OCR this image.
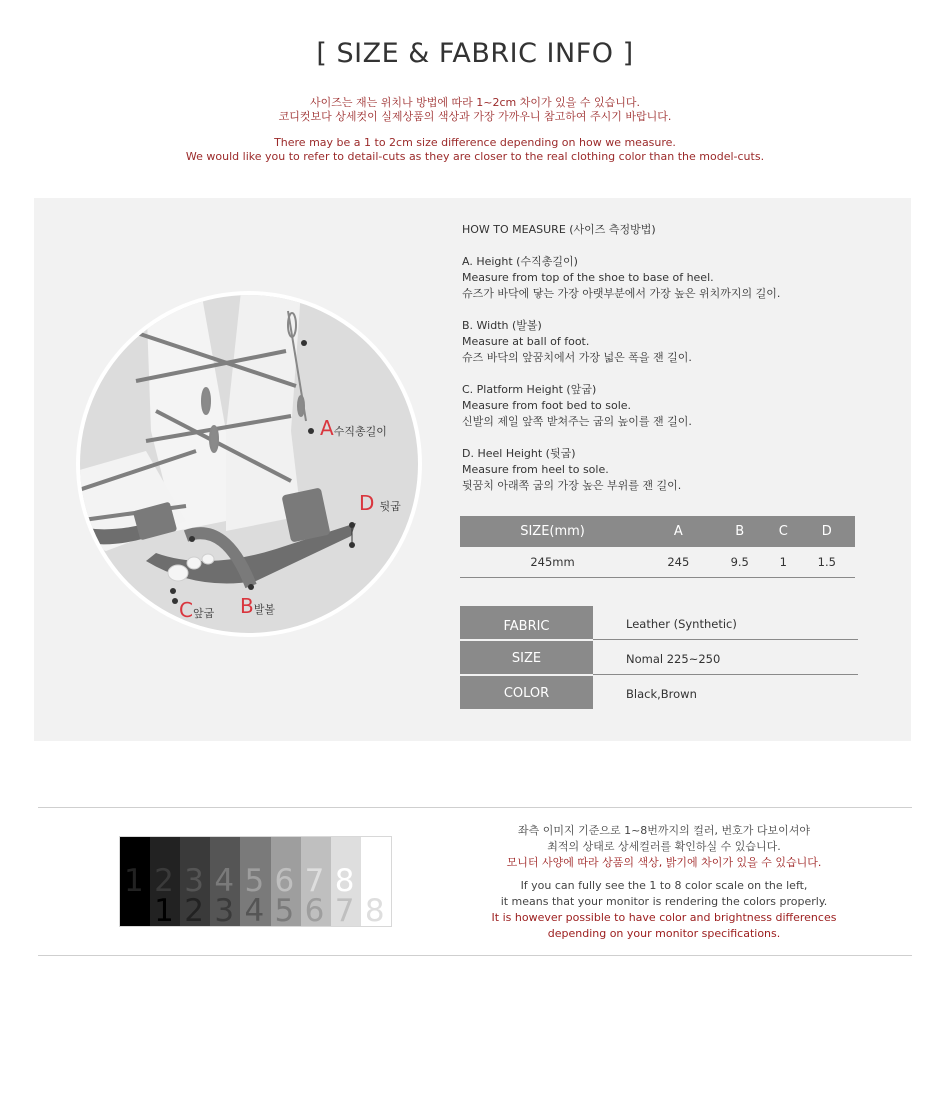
[ SIZE & FABRIC INFO ]
사이즈는 재는 위치나 방법에 따라 1~2cm 차이가 있을 수 있습니다.
코디컷보다 상세컷이 실제상품의 색상과 가장 가까우니 참고하여 주시기 바랍니다.
There may be a 1 to 2cm size difference depending on how we measure.
We would like you to refer to detail-cuts as they are closer to the real clothing color than the model-cuts.
A수직총길이
D 뒷굽
B발볼
C앞굽

HOW TO MEASURE (사이즈 측정방법)

A. Height (수직총길이)

Measure from top of the shoe to base of heel.

슈즈가 바닥에 닿는 가장 아랫부분에서 가장 높은 위치까지의 길이.

B. Width (발볼)

Measure at ball of foot.

슈즈 바닥의 앞꿈치에서 가장 넓은 폭을 잰 길이.

C. Platform Height (앞굽)

Measure from foot bed to sole.

신발의 제일 앞쪽 받쳐주는 굽의 높이를 잰 길이.

D. Heel Height (뒷굽)

Measure from heel to sole.

뒷꿈치 아래쪽 굽의 가장 높은 부위를 잰 길이.

SIZE(mm)	A	B	C	D
245mm	245	9.5	1	1.5
FABRIC	Leather (Synthetic)
SIZE	Nomal 225~250
COLOR	Black,Brown
1 2
1
3
2
4
3
5
4
6
5
7
6
8
7 8
좌측 이미지 기준으로 1~8번까지의 컬러, 번호가 다보이셔야
최적의 상태로 상세컬러를 확인하실 수 있습니다.
모니터 사양에 따라 상품의 색상, 밝기에 차이가 있을 수 있습니다.
If you can fully see the 1 to 8 color scale on the left,
it means that your monitor is rendering the colors properly.
It is however possible to have color and brightness differences
depending on your monitor specifications.
